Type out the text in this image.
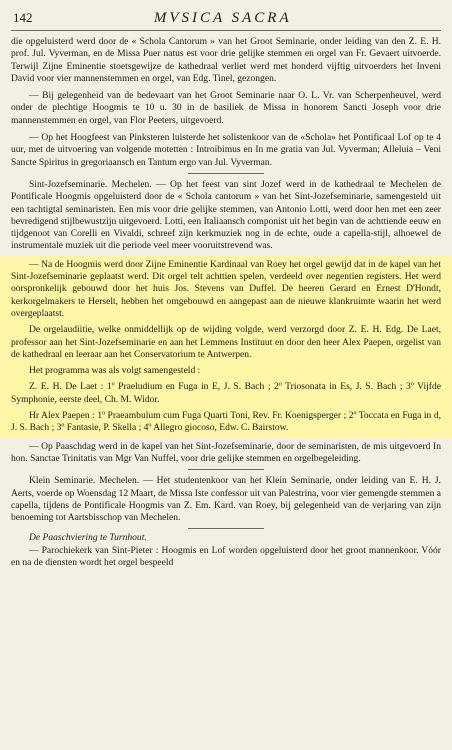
142	MVSICA SACRA

die opgeluisterd werd door de « Schola Cantorum » van het Groot Seminarie, onder leiding van den Z. E. H. prof. Jul. Vyverman, en de Missa Puer natus est voor drie gelijke stemmen en orgel van Fr. Gevaert uitvoerde. Terwijl Zijne Eminentie stoetsgewijze de kathedraal verliet werd met honderd vijftig uitvoerders het Inveni David voor vier mannenstemmen en orgel, van Edg. Tinel, gezongen.

— Bij gelegenheid van de bedevaart van het Groot Seminarie naar O. L. Vr. van Scherpenheuvel, werd onder de plechtige Hoogmis te 10 u. 30 in de basiliek de Missa in honorem Sancti Joseph voor drie mannenstemmen en orgel, van Flor Peeters, uitgevoerd.

— Op het Hoogfeest van Pinksteren luisterde het solistenkoor van de «Schola» het Pontificaal Lof op te 4 uur, met de uitvoering van volgende motetten : Introibimus en In me gratia van Jul. Vyverman; Alleluia – Veni Sancte Spiritus in gregoriaansch en Tantum ergo van Jul. Vyverman.

Sint-Jozefseminarie. Mechelen. — Op het feest van sint Jozef werd in de kathedraal te Mechelen de Pontificale Hoogmis opgeluisterd door de « Schola cantorum » van het Sint-Jozefseminarie, samengesteld uit een tachtigtal seminaristen. Een mis voor drie gelijke stemmen, van Antonio Lotti, werd door hen met een zeer bevredigend stijlbewustzijn uitgevoerd. Lotti, een Italiaansch componist uit het begin van de achttiende eeuw en tijdgenoot van Corelli en Vivaldi, schreef zijn kerkmuziek nog in de echte, oude a capella-stijl, alhoewel de instrumentale muziek uit die periode veel meer vooruitstrevend was.

— Na de Hoogmis werd door Zijne Eminentie Kardinaal van Roey het orgel gewijd dat in de kapel van het Sint-Jozefseminarie geplaatst werd. Dit orgel telt achttien spelen, verdeeld over negentien registers. Het werd oorspronkelijk gebouwd door het huis Jos. Stevens van Duffel. De heeren Gerard en Ernest D'Hondt, kerkorgelmakers te Herselt, hebben het omgebouwd en aangepast aan de nieuwe klankruimte waarin het werd overgeplaatst.

De orgelaudiitie, welke onmiddellijk op de wijding volgde, werd verzorgd door Z. E. H. Edg. De Laet, professor aan het Sint-Jozefseminarie en aan het Lemmens Instituut en door den heer Alex Paepen, orgelist van de kathedraal en leeraar aan het Conservatorium te Antwerpen.

Het programma was als volgt samengesteld :

Z. E. H. De Laet : 1º Praeludium en Fuga in E, J. S. Bach ; 2º Triosonata in Es, J. S. Bach ; 3º Vijfde Symphonie, eerste deel, Ch. M. Widor.

Hr Alex Paepen : 1º Praeambulum cum Fuga Quarti Toni, Rev. Fr. Koenigsperger ; 2º Toccata en Fuga in d, J. S. Bach ; 3º Fantasie, P. Skella ; 4º Allegro giocoso, Edw. C. Bairstow.

— Op Paaschdag werd in de kapel van het Sint-Jozefseminarie, door de seminaristen, de mis uitgevoerd In hon. Sanctae Trinitatis van Mgr Van Nuffel, voor drie gelijke stemmen en orgelbegeleiding.

Klein Seminarie. Mechelen. — Het studentenkoor van het Klein Seminarie, onder leiding van E. H. J. Aerts, voerde op Woensdag 12 Maart, de Missa Iste confessor uit van Palestrina, voor vier gemengde stemmen a capella, tijdens de Pontificale Hoogmis van Z. Em. Kard. van Roey, bij gelegenheid van de verjaring van zijn benoeming tot Aartsbisschop van Mechelen.

De Paaschviering te Turnhout.

— Parochiekerk van Sint-Pieter : Hoogmis en Lof worden opgeluisterd door het groot mannenkoor. Vóór en na de diensten wordt het orgel bespeeld
